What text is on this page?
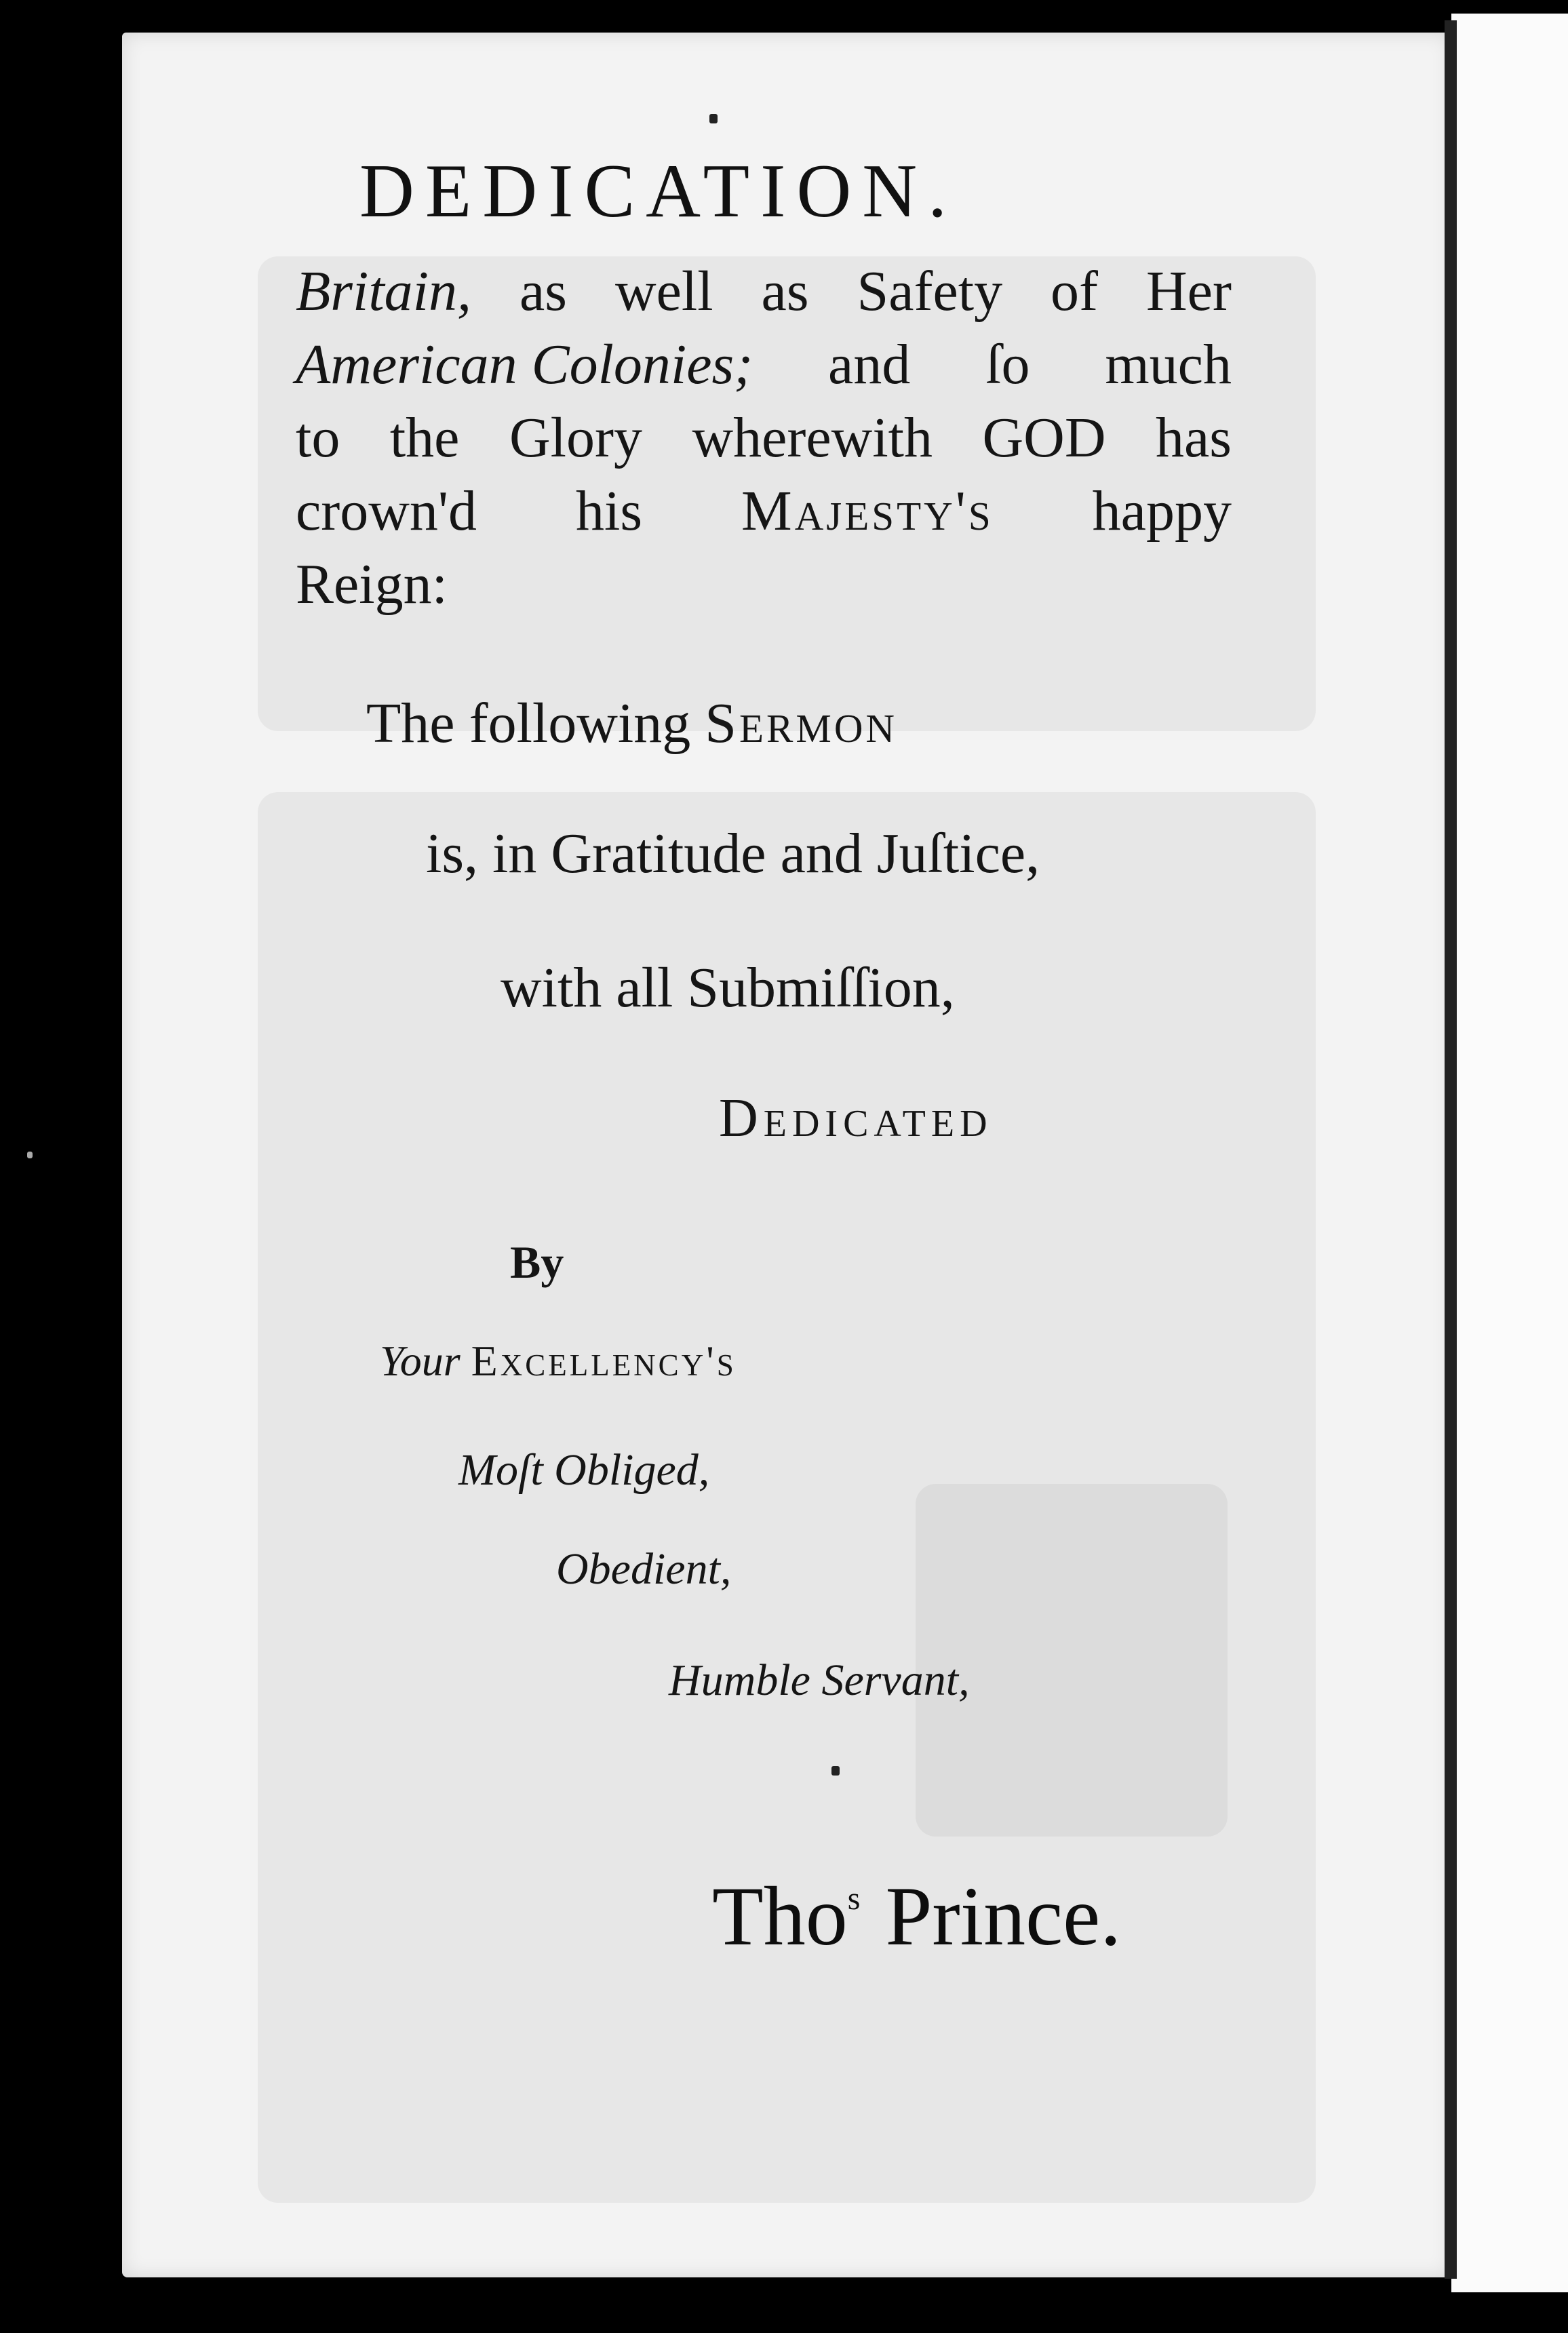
DEDICATION.
Britain, as well as Safety of Her
American Colonies; and ſo much
to the Glory wherewith GOD has
crown'd his Majesty's happy
Reign:
The following Sermon
is, in Gratitude and Juſtice,
with all Submiſſion,
Dedicated
By
Your Excellency's
Moſt Obliged,
Obedient,
Humble Servant,
Tho$^s$ Prince.
